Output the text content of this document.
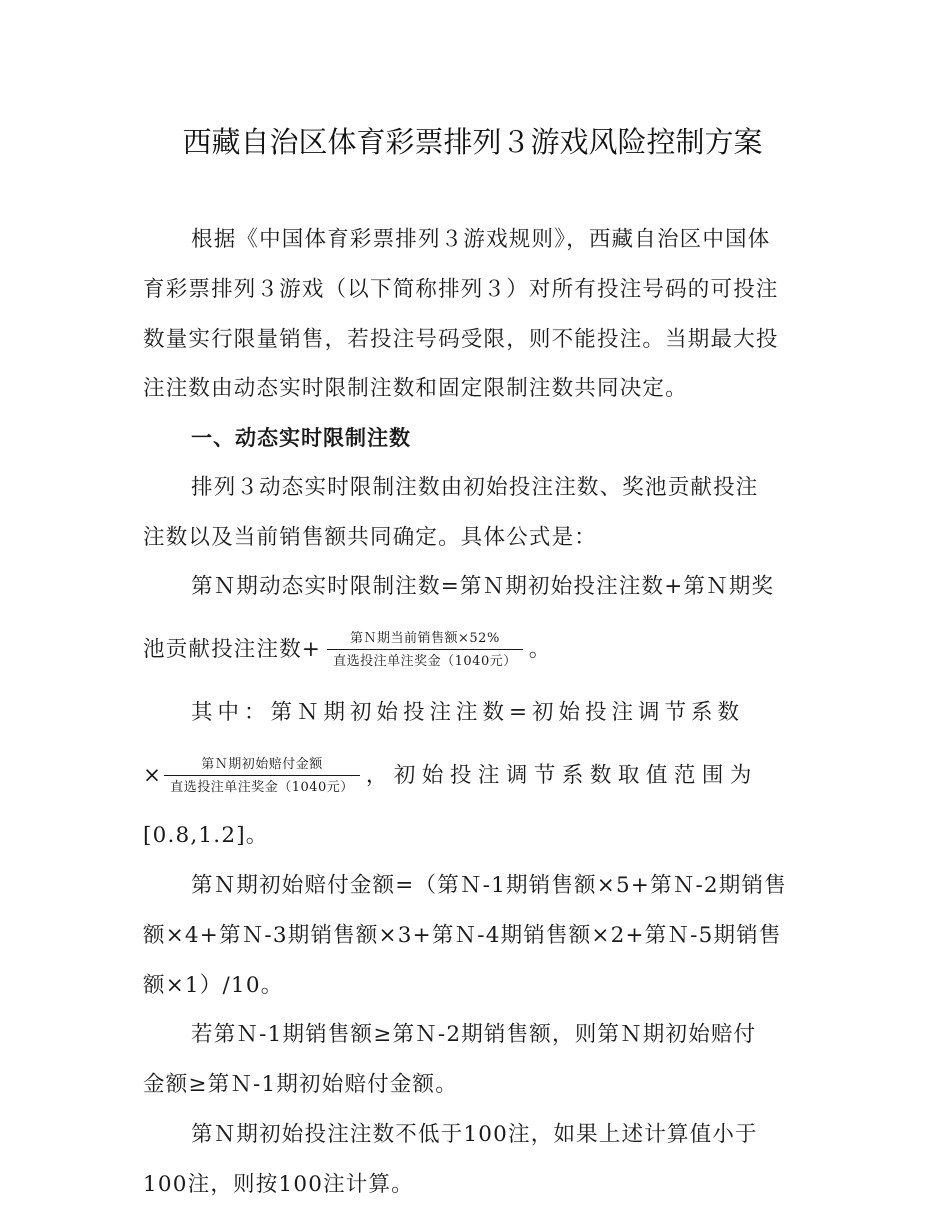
西藏自治区体育彩票排列３游戏风险控制方案
根据《中国体育彩票排列３游戏规则》，西藏自治区中国体
育彩票排列３游戏（以下简称排列３）对所有投注号码的可投注
数量实行限量销售，若投注号码受限，则不能投注。当期最大投
注注数由动态实时限制注数和固定限制注数共同决定。
一、动态实时限制注数
排列３动态实时限制注数由初始投注注数、奖池贡献投注
注数以及当前销售额共同确定。具体公式是：
第Ｎ期动态实时限制注数=第Ｎ期初始投注注数+第Ｎ期奖
池贡献投注注数+ $\frac{\text{第Ｎ期当前销售额×52\%}}{\text{直选投注单注奖金（1040元）}}$ 。
其中：第Ｎ期初始投注注数=初始投注调节系数
× $\frac{\text{第Ｎ期初始赔付金额}}{\text{直选投注单注奖金（1040元）}}$ ，初始投注调节系数取值范围为
[0.8,1.2]。
第Ｎ期初始赔付金额=（第Ｎ-1期销售额×5+第Ｎ-2期销售
额×4+第Ｎ-3期销售额×3+第Ｎ-4期销售额×2+第Ｎ-5期销售
额×1）/10。
若第Ｎ-1期销售额≥第Ｎ-2期销售额，则第Ｎ期初始赔付
金额≥第Ｎ-1期初始赔付金额。
第Ｎ期初始投注注数不低于100注，如果上述计算值小于
100注，则按100注计算。
